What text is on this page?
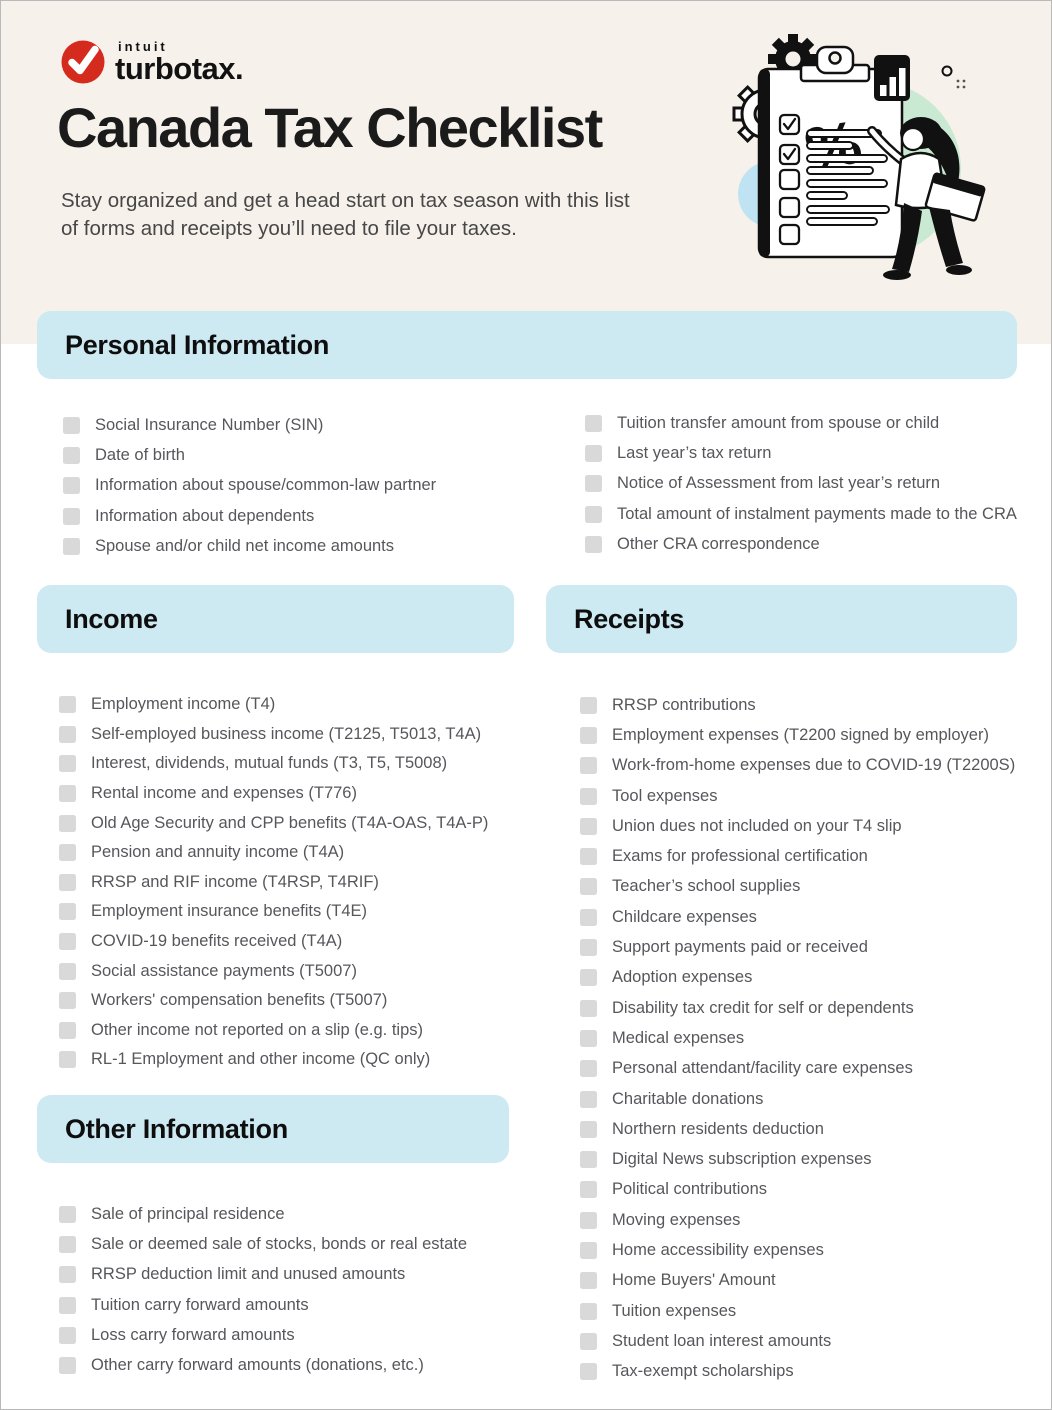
intuit
turbotax.
Canada Tax Checklist

Stay organized and get a head start on tax season with this list
of forms and receipts you’ll need to file your taxes.

Personal Information
Income	Receipts
Other Information
Social Insurance Number (SIN)
Date of birth
Information about spouse/common-law partner
Information about dependents
Spouse and/or child net income amounts
Tuition transfer amount from spouse or child
Last year’s tax return
Notice of Assessment from last year’s return
Total amount of instalment payments made to the CRA
Other CRA correspondence
Employment income (T4)
Self-employed business income (T2125, T5013, T4A)
Interest, dividends, mutual funds (T3, T5, T5008)
Rental income and expenses (T776)
Old Age Security and CPP benefits (T4A-OAS, T4A-P)
Pension and annuity income (T4A)
RRSP and RIF income (T4RSP, T4RIF)
Employment insurance benefits (T4E)
COVID-19 benefits received (T4A)
Social assistance payments (T5007)
Workers' compensation benefits (T5007)
Other income not reported on a slip (e.g. tips)
RL-1 Employment and other income (QC only)
RRSP contributions
Employment expenses (T2200 signed by employer)
Work-from-home expenses due to COVID-19 (T2200S)
Tool expenses
Union dues not included on your T4 slip
Exams for professional certification
Teacher’s school supplies
Childcare expenses
Support payments paid or received
Adoption expenses
Disability tax credit for self or dependents
Medical expenses
Personal attendant/facility care expenses
Charitable donations
Northern residents deduction
Digital News subscription expenses
Political contributions
Moving expenses
Home accessibility expenses
Home Buyers' Amount
Tuition expenses
Student loan interest amounts
Tax-exempt scholarships
Sale of principal residence
Sale or deemed sale of stocks, bonds or real estate
RRSP deduction limit and unused amounts
Tuition carry forward amounts
Loss carry forward amounts
Other carry forward amounts (donations, etc.)
